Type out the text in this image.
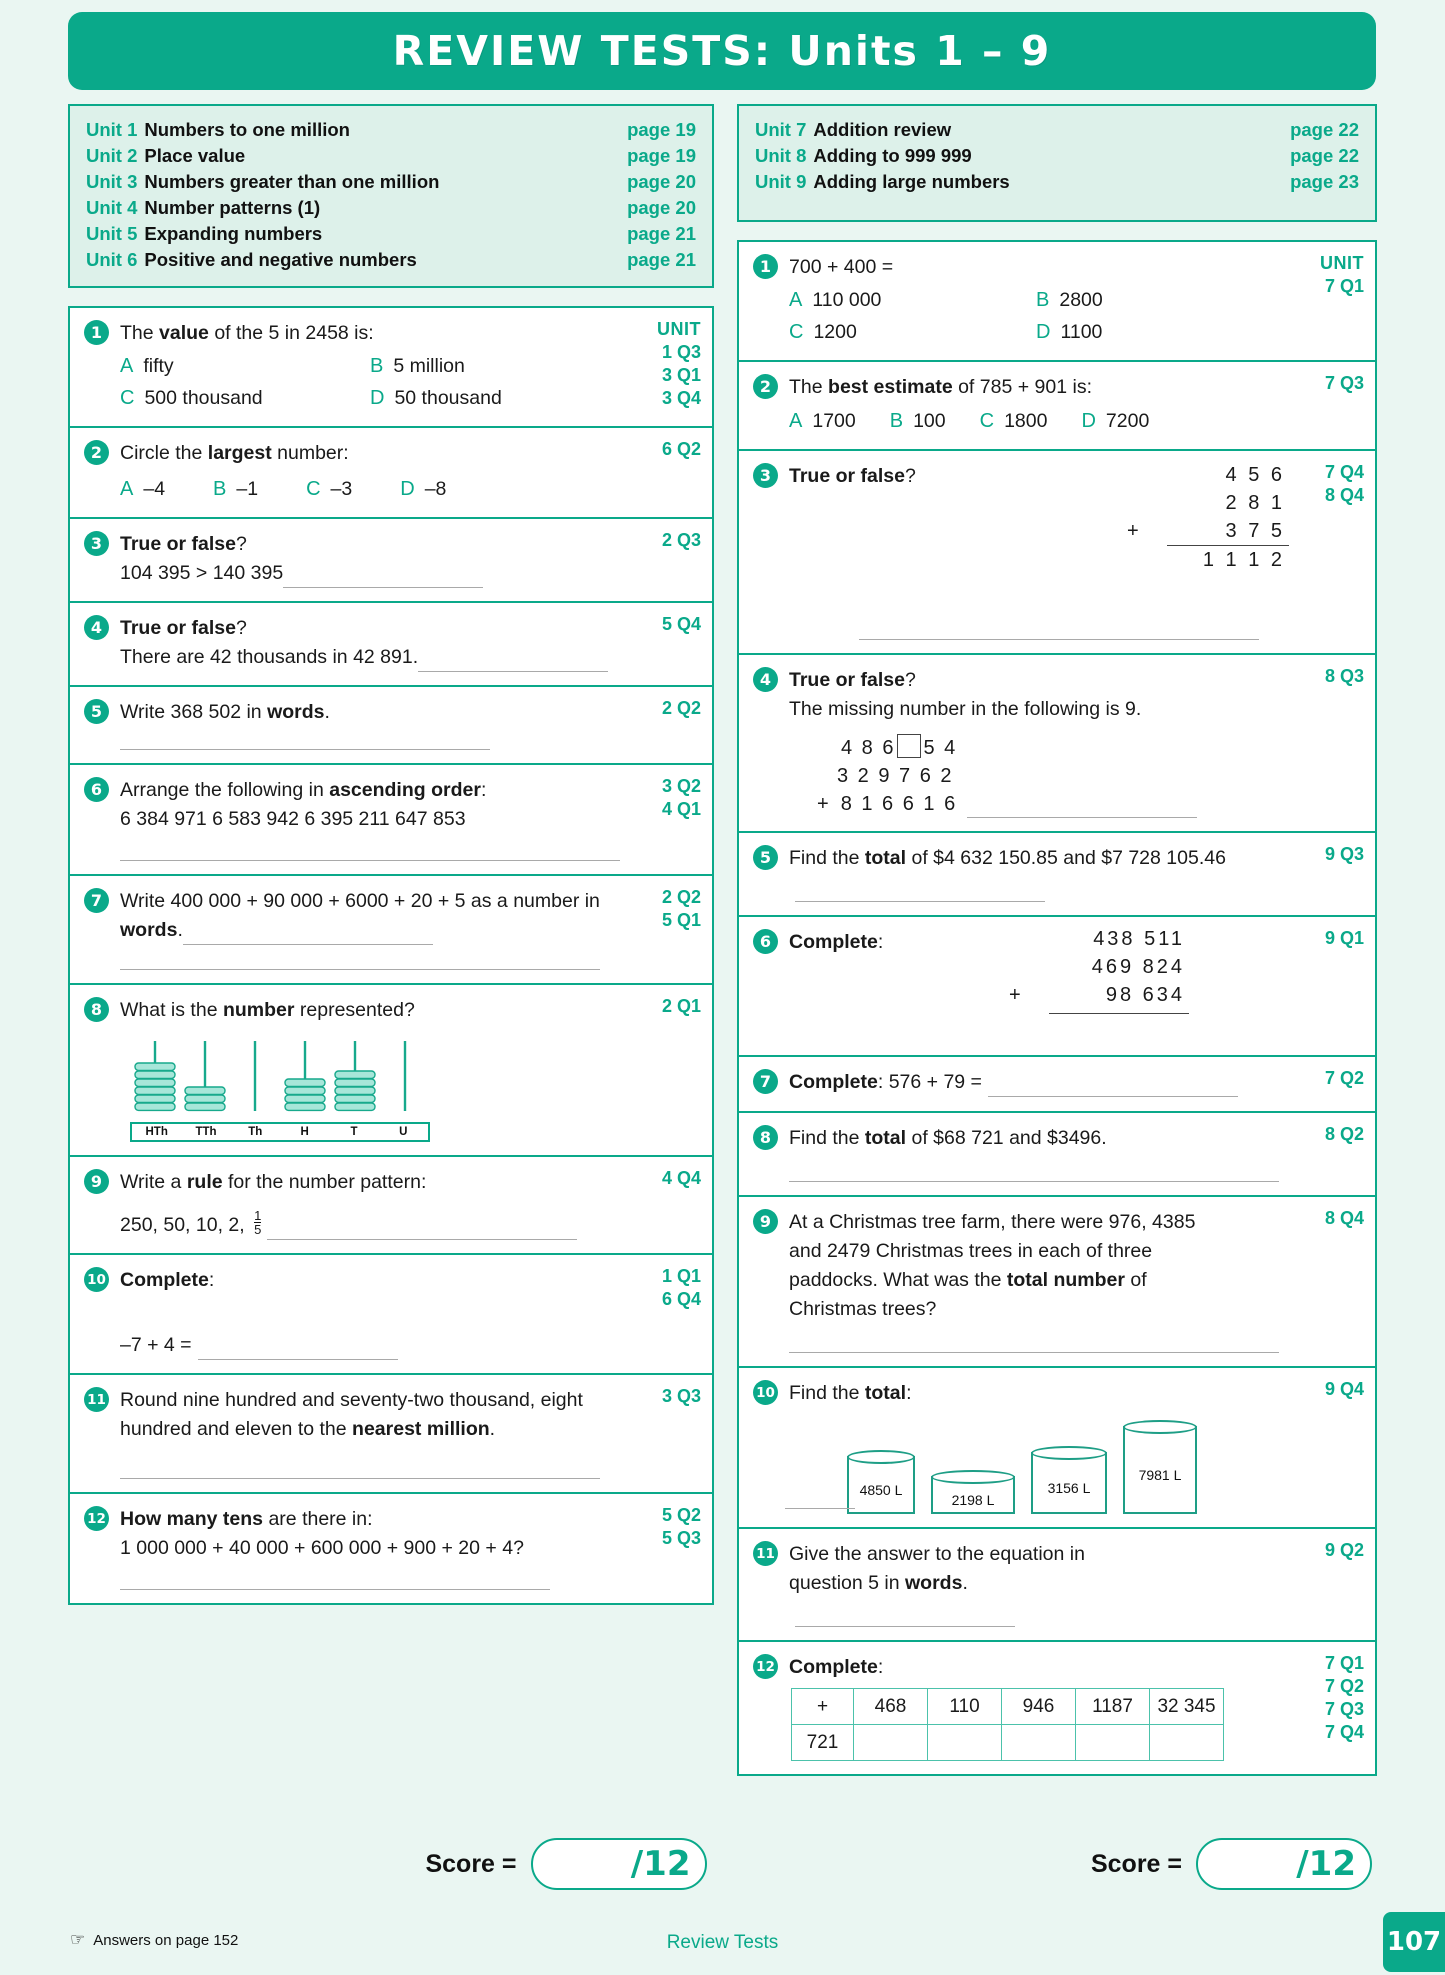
REVIEW TESTS: Units 1 – 9
Unit 1 Numbers to one million	page 19
Unit 2 Place value	page 19
Unit 3 Numbers greater than one million	page 20
Unit 4 Number patterns (1)	page 20
Unit 5 Expanding numbers	page 21
Unit 6 Positive and negative numbers	page 21
1	UNIT
1 Q3
3 Q1
3 Q4
The value of the 5 in 2458 is:
A fifty	B 5 million
C 500 thousand	D 50 thousand
2	6 Q2
Circle the largest number:
A –4 B –1 C –3 D –8
3	2 Q3
True or false?
104 395 > 140 395
4	5 Q4
True or false?
There are 42 thousands in 42 891.
5	2 Q2
Write 368 502 in words.
6	3 Q2
4 Q1
Arrange the following in ascending order:
6 384 971 6 583 942 6 395 211 647 853
7	2 Q2
5 Q1
Write 400 000 + 90 000 + 6000 + 20 + 5 as a number in words.
8	2 Q1
What is the number represented?
HTh	TTh	Th	H	T	U
9	4 Q4
Write a rule for the number pattern:
250, 50, 10, 2, $\frac{1}{5}$

10	1 Q1
6 Q4
Complete:
–7 + 4 =
11	3 Q3
Round nine hundred and seventy-two thousand, eight hundred and eleven to the nearest million.
12	5 Q2
5 Q3
How many tens are there in:
1 000 000 + 40 000 + 600 000 + 900 + 20 + 4?
Unit 7 Addition review	page 22
Unit 8 Adding to 999 999	page 22
Unit 9 Adding large numbers	page 23
1	UNIT
7 Q1
700 + 400 =
A 110 000	B 2800
C 1200	D 1100
2	7 Q3
The best estimate of 785 + 901 is:
A 1700 B 100 C 1800 D 7200
3	7 Q4
8 Q4
True or false?	4 5 6
2 8 1
+	3 7 5
1 1 1 2
4	8 Q3
True or false?
The missing number in the following is 9.
4 8 6 5 4
3 2 9 7 6 2
+ 8 1 6 6 1 6
5	9 Q3
Find the total of $4 632 150.85 and $7 728 105.46
6	9 Q1
Complete:	438 511
469 824
+	98 634
7	7 Q2
Complete: 576 + 79 =
8	8 Q2
Find the total of $68 721 and $3496.
9	8 Q4
At a Christmas tree farm, there were 976, 4385 and 2479 Christmas trees in each of three paddocks. What was the total number of Christmas trees?
10	9 Q4
Find the total:
4850 L
2198 L
3156 L
7981 L
11	9 Q2
Give the answer to the equation in question 5 in words.
12	7 Q1
7 Q2
7 Q3
7 Q4
Complete:
+	468	110	946	1187	32 345
721					
Score =	/12	Score =	/12
☞ Answers on page 152	Review Tests	107
